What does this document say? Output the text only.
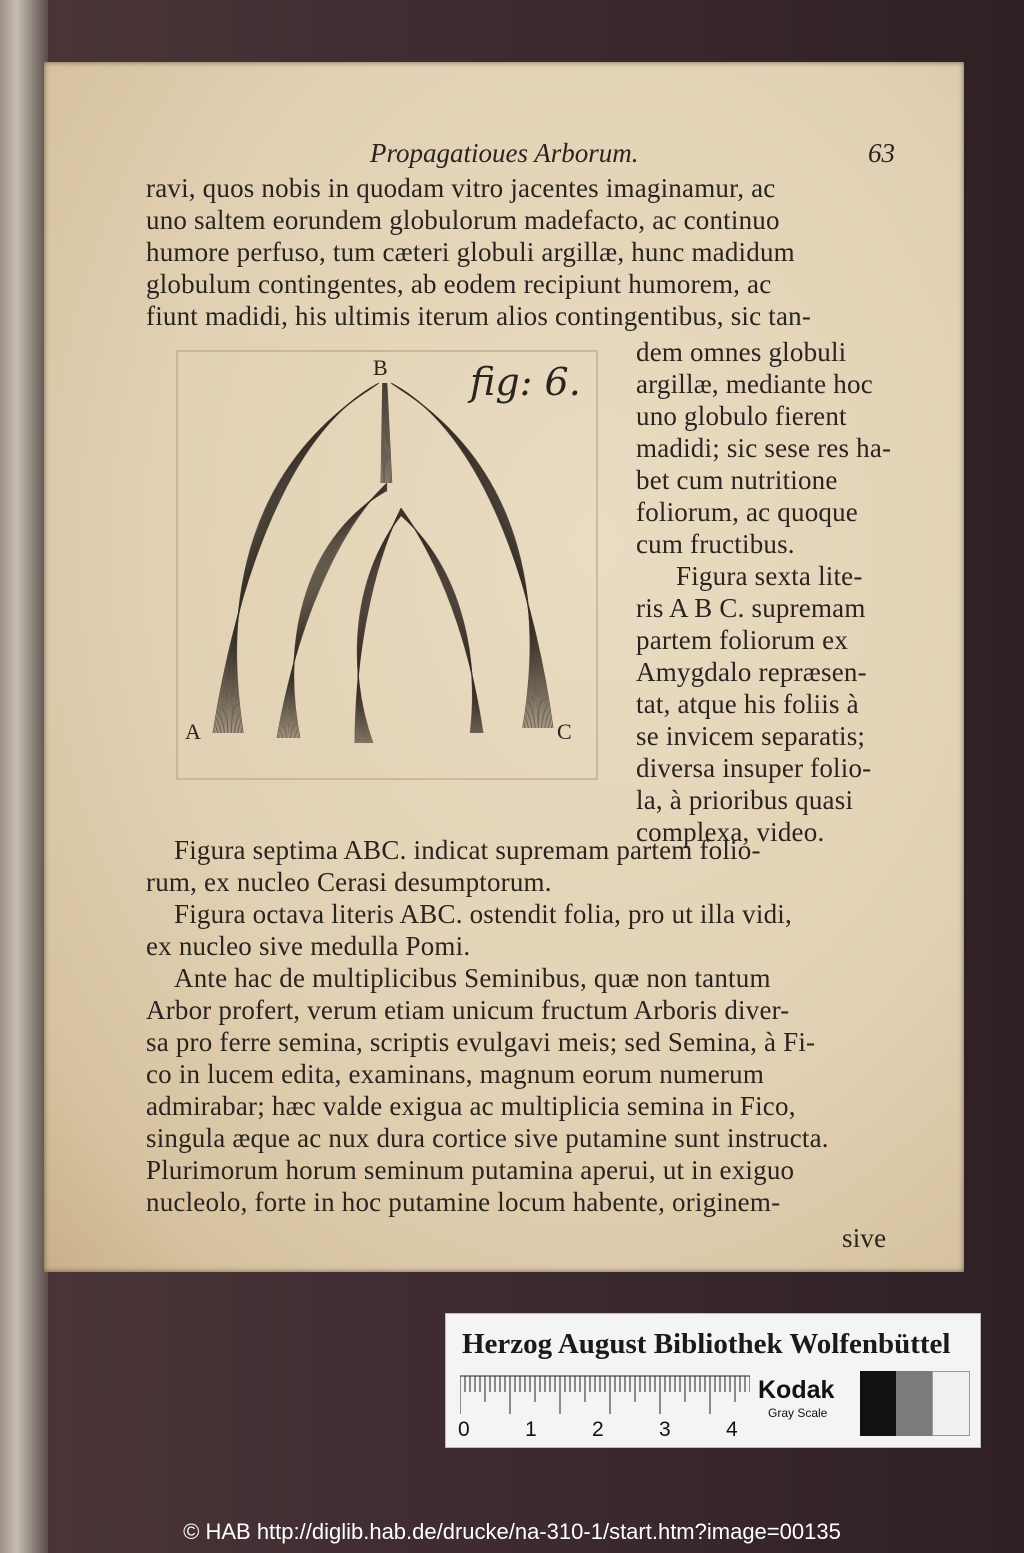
Propagatioues Arborum.	63
ravi, quos nobis in quodam vitro jacentes imaginamur, ac
uno saltem eorundem globulorum madefacto, ac continuo
humore perfuso, tum cæteri globuli argillæ, hunc madidum
globulum contingentes, ab eodem recipiunt humorem, ac
fiunt madidi, his ultimis iterum alios contingentibus, sic tan-
B
A	C
fig: 6.
dem omnes globuli
argillæ, mediante hoc
uno globulo fierent
madidi; sic sese res ha-
bet cum nutritione
foliorum, ac quoque
cum fructibus.
Figura sexta lite-
ris A B C. supremam
partem foliorum ex
Amygdalo repræsen-
tat, atque his foliis à
se invicem separatis;
diversa insuper folio-
la, à prioribus quasi
complexa, video.
Figura septima ABC. indicat supremam partem folio-
rum, ex nucleo Cerasi desumptorum.
Figura octava literis ABC. ostendit folia, pro ut illa vidi,
ex nucleo sive medulla Pomi.
Ante hac de multiplicibus Seminibus, quæ non tantum
Arbor profert, verum etiam unicum fructum Arboris diver-
sa pro ferre semina, scriptis evulgavi meis; sed Semina, à Fi-
co in lucem edita, examinans, magnum eorum numerum
admirabar; hæc valde exigua ac multiplicia semina in Fico,
singula æque ac nux dura cortice sive putamine sunt instructa.
Plurimorum horum seminum putamina aperui, ut in exiguo
nucleolo, forte in hoc putamine locum habente, originem-
sive
Herzog August Bibliothek Wolfenbüttel
0	1	2	3	4
Kodak
Gray Scale
© HAB http://diglib.hab.de/drucke/na-310-1/start.htm?image=00135
